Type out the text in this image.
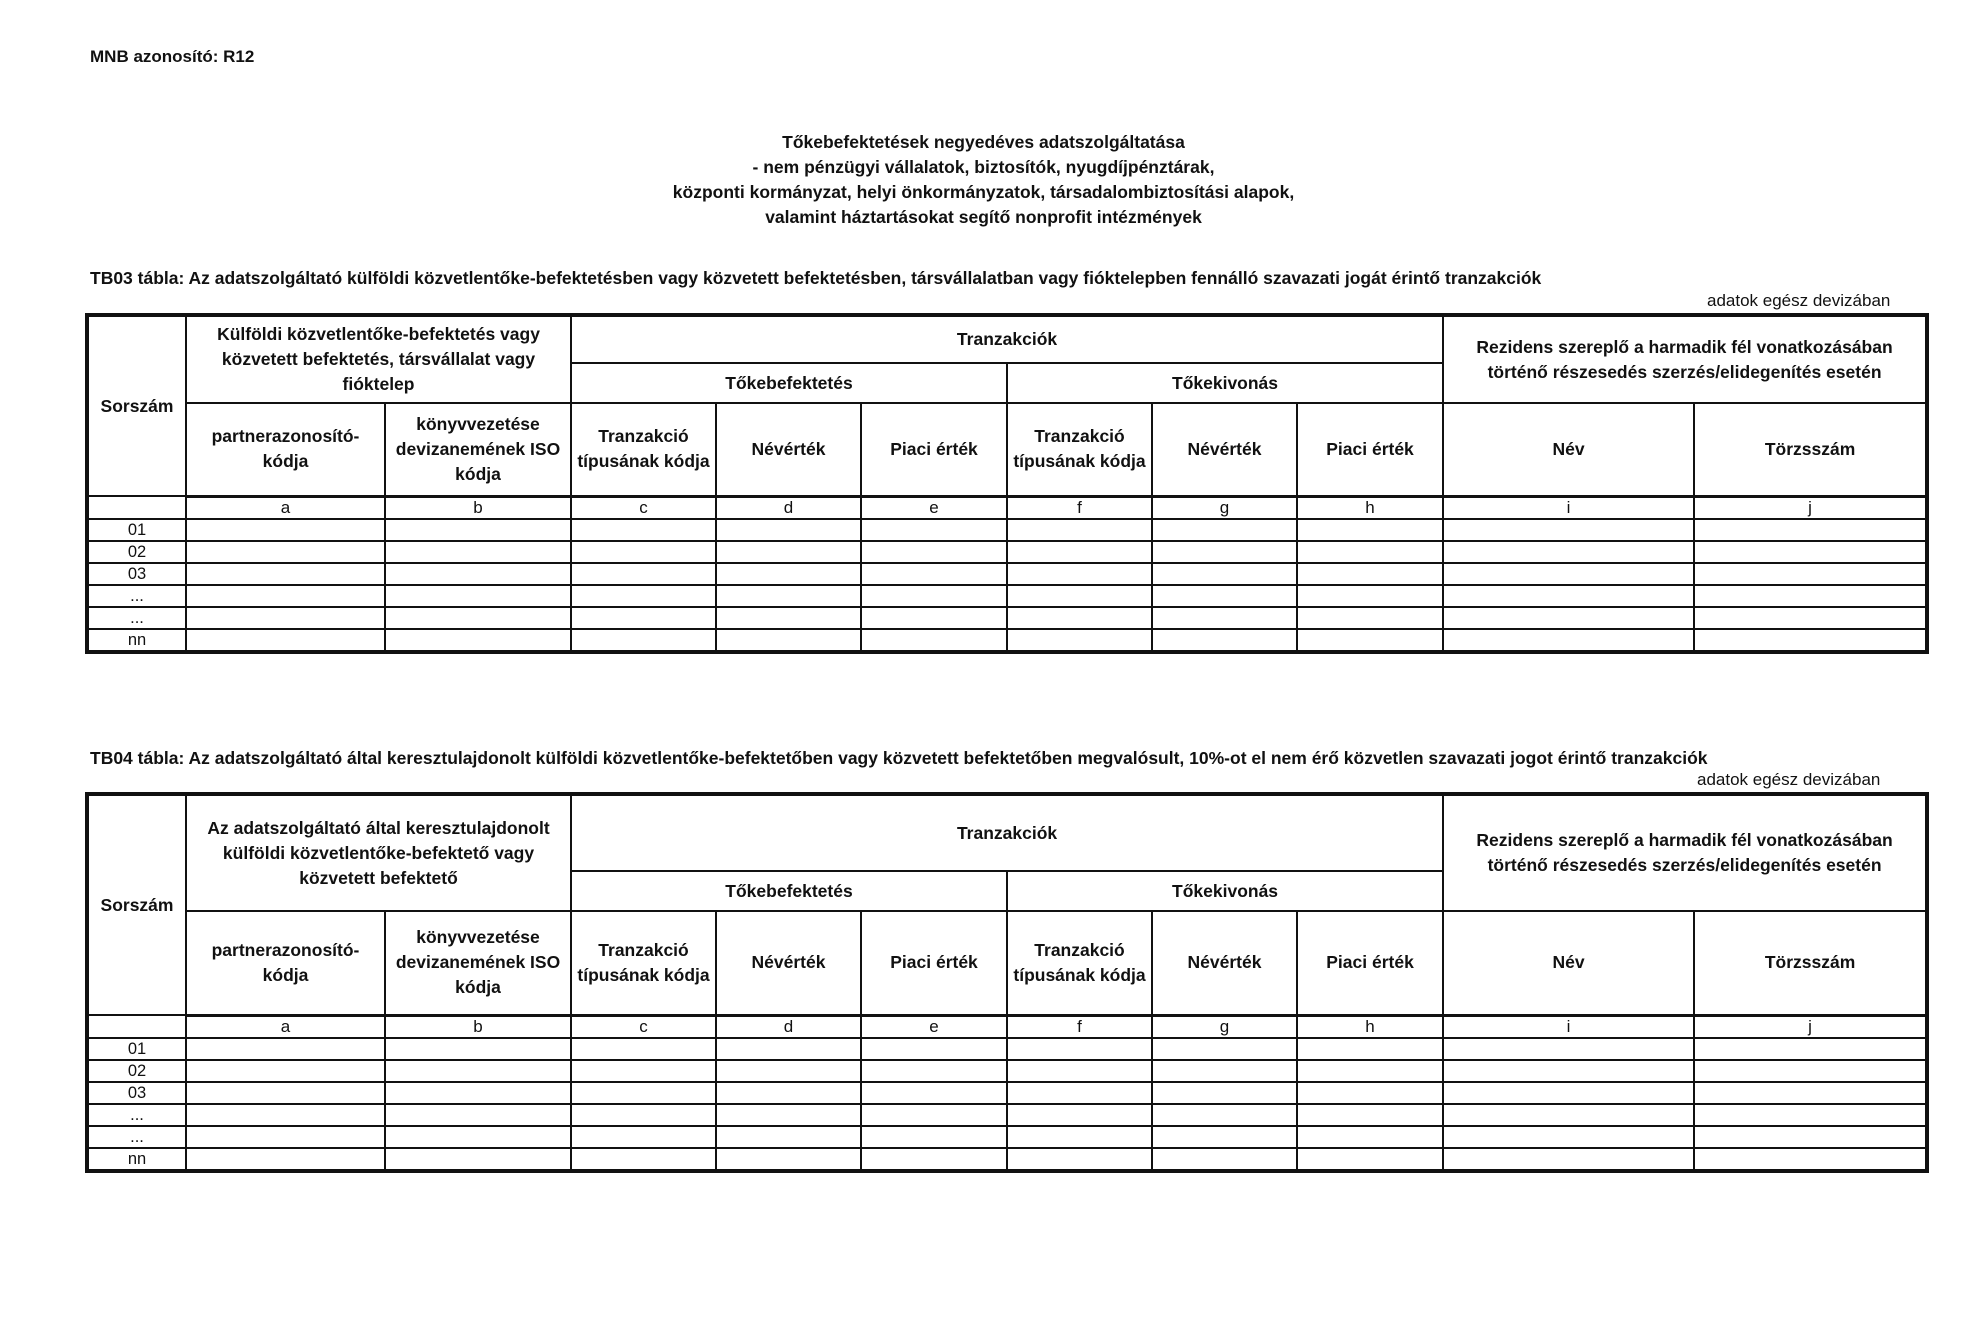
MNB azonosító: R12
Tőkebefektetések negyedéves adatszolgáltatása
- nem pénzügyi vállalatok, biztosítók, nyugdíjpénztárak,
központi kormányzat, helyi önkormányzatok, társadalombiztosítási alapok,
valamint háztartásokat segítő nonprofit intézmények
TB03 tábla: Az adatszolgáltató külföldi közvetlentőke-befektetésben vagy közvetett befektetésben, társvállalatban vagy fióktelepben fennálló szavazati jogát érintő tranzakciók
adatok egész devizában
Sorszám	Külföldi közvetlentőke-befektetés vagy közvetett befektetés, társvállalat vagy fióktelep		Tranzakciók						Rezidens szereplő a harmadik fél vonatkozásában történő részesedés szerzés/elidegenítés esetén	
			Tőkebefektetés			Tőkekivonás				
	partnerazonosító-kódja	könyvvezetése devizanemének ISO kódja	Tranzakció típusának kódja	Névérték	Piaci érték	Tranzakció típusának kódja	Névérték	Piaci érték	Név	Törzsszám
	a	b	c	d	e	f	g	h	i	j
01										
02										
03										
...										
...										
nn										
TB04 tábla: Az adatszolgáltató által keresztulajdonolt külföldi közvetlentőke-befektetőben vagy közvetett befektetőben megvalósult, 10%-ot el nem érő közvetlen szavazati jogot érintő tranzakciók
adatok egész devizában
Sorszám	Az adatszolgáltató által keresztulajdonolt külföldi közvetlentőke-befektető vagy közvetett befektető		Tranzakciók						Rezidens szereplő a harmadik fél vonatkozásában történő részesedés szerzés/elidegenítés esetén	
			Tőkebefektetés			Tőkekivonás				
	partnerazonosító-kódja	könyvvezetése devizanemének ISO kódja	Tranzakció típusának kódja	Névérték	Piaci érték	Tranzakció típusának kódja	Névérték	Piaci érték	Név	Törzsszám
	a	b	c	d	e	f	g	h	i	j
01										
02										
03										
...										
...										
nn										
